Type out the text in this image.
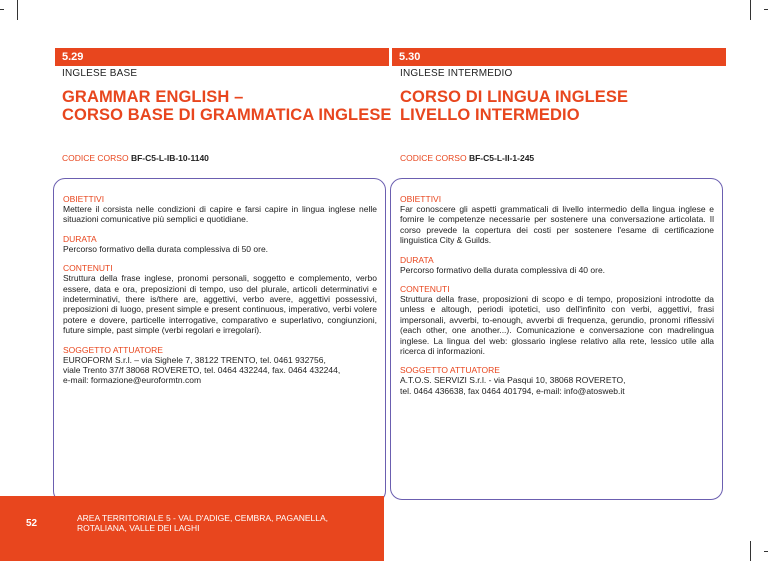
5.29
INGLESE BASE
GRAMMAR ENGLISH –
CORSO BASE DI GRAMMATICA INGLESE
CODICE CORSO BF-C5-L-IB-10-1140

OBIETTIVI

Mettere il corsista nelle condizioni di capire e farsi capire in lingua inglese nelle situazioni comunicative più semplici e quotidiane.

DURATA

Percorso formativo della durata complessiva di 50 ore.

CONTENUTI

Struttura della frase inglese, pronomi personali, soggetto e complemento, verbo essere, data e ora, preposizioni di tempo, uso del plurale, articoli determinativi e indeterminativi, there is/there are, aggettivi, verbo avere, aggettivi possessivi, preposizioni di luogo, present simple e present continuous, imperativo, verbi volere potere e dovere, particelle interrogative, comparativo e superlativo, congiunzioni, future simple, past simple (verbi regolari e irregolari).

SOGGETTO ATTUATORE

EUROFORM S.r.l. – via Sighele 7, 38122 TRENTO, tel. 0461 932756,
viale Trento 37/f 38068 ROVERETO, tel. 0464 432244, fax. 0464 432244,
e-mail: formazione@euroformtn.com

5.30
INGLESE INTERMEDIO
CORSO DI LINGUA INGLESE
LIVELLO INTERMEDIO
CODICE CORSO BF-C5-L-II-1-245

OBIETTIVI

Far conoscere gli aspetti grammaticali di livello intermedio della lingua inglese e fornire le competenze necessarie per sostenere una conversazione articolata. Il corso prevede la copertura dei costi per sostenere l'esame di certificazione linguistica City & Guilds.

DURATA

Percorso formativo della durata complessiva di 40 ore.

CONTENUTI

Struttura della frase, proposizioni di scopo e di tempo, proposizioni introdotte da unless e altough, periodi ipotetici, uso dell'infinito con verbi, aggettivi, frasi impersonali, avverbi, to-enough, avverbi di frequenza, gerundio, pronomi riflessivi (each other, one another...). Comunicazione e conversazione con madrelingua inglese. La lingua del web: glossario inglese relativo alla rete, lessico utile alla ricerca di informazioni.

SOGGETTO ATTUATORE

A.T.O.S. SERVIZI S.r.l. - via Pasqui 10, 38068 ROVERETO,
tel. 0464 436638, fax 0464 401794, e-mail: info@atosweb.it

52	AREA TERRITORIALE 5 - VAL D'ADIGE, CEMBRA, PAGANELLA,
ROTALIANA, VALLE DEI LAGHI
